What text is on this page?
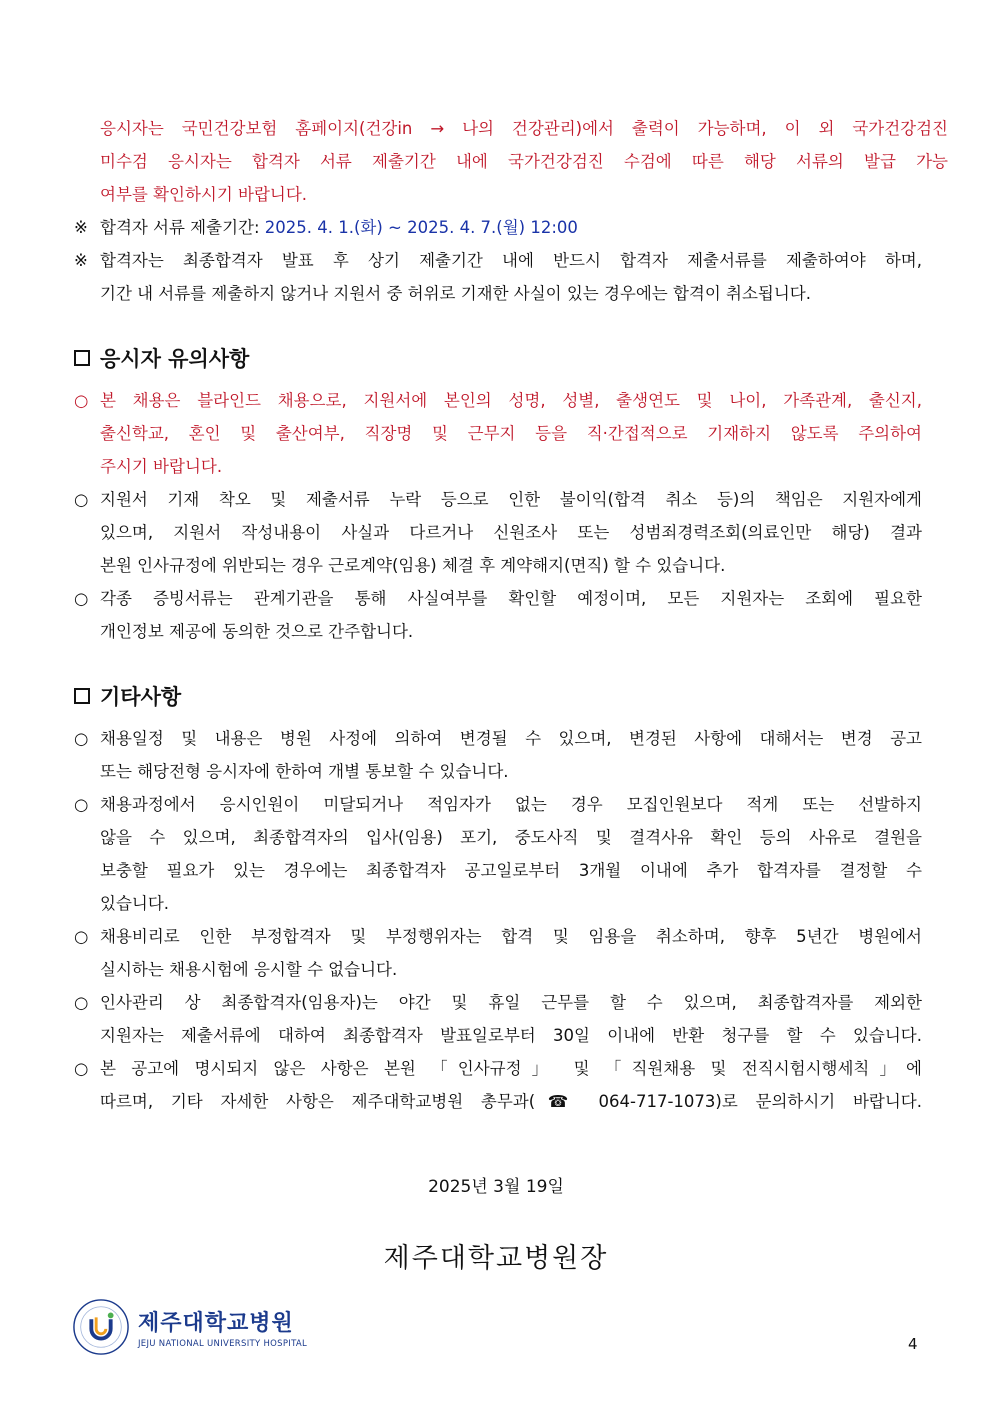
응시자는 국민건강보험 홈페이지(건강in → 나의 건강관리)에서 출력이 가능하며, 이 외 국가건강검진
미수검 응시자는 합격자 서류 제출기간 내에 국가건강검진 수검에 따른 해당 서류의 발급 가능
여부를 확인하시기 바랍니다.
※ 합격자 서류 제출기간: 2025. 4. 1.(화) ~ 2025. 4. 7.(월) 12:00
※ 합격자는 최종합격자 발표 후 상기 제출기간 내에 반드시 합격자 제출서류를 제출하여야 하며,
기간 내 서류를 제출하지 않거나 지원서 중 허위로 기재한 사실이 있는 경우에는 합격이 취소됩니다.
응시자 유의사항
○ 본 채용은 블라인드 채용으로, 지원서에 본인의 성명, 성별, 출생연도 및 나이, 가족관계, 출신지,
출신학교, 혼인 및 출산여부, 직장명 및 근무지 등을 직·간접적으로 기재하지 않도록 주의하여
주시기 바랍니다.
○ 지원서 기재 착오 및 제출서류 누락 등으로 인한 불이익(합격 취소 등)의 책임은 지원자에게
있으며, 지원서 작성내용이 사실과 다르거나 신원조사 또는 성범죄경력조회(의료인만 해당) 결과
본원 인사규정에 위반되는 경우 근로계약(임용) 체결 후 계약해지(면직) 할 수 있습니다.
○ 각종 증빙서류는 관계기관을 통해 사실여부를 확인할 예정이며, 모든 지원자는 조회에 필요한
개인정보 제공에 동의한 것으로 간주합니다.
기타사항
○ 채용일정 및 내용은 병원 사정에 의하여 변경될 수 있으며, 변경된 사항에 대해서는 변경 공고
또는 해당전형 응시자에 한하여 개별 통보할 수 있습니다.
○ 채용과정에서 응시인원이 미달되거나 적임자가 없는 경우 모집인원보다 적게 또는 선발하지
않을 수 있으며, 최종합격자의 입사(임용) 포기, 중도사직 및 결격사유 확인 등의 사유로 결원을
보충할 필요가 있는 경우에는 최종합격자 공고일로부터 3개월 이내에 추가 합격자를 결정할 수
있습니다.
○ 채용비리로 인한 부정합격자 및 부정행위자는 합격 및 임용을 취소하며, 향후 5년간 병원에서
실시하는 채용시험에 응시할 수 없습니다.
○ 인사관리 상 최종합격자(임용자)는 야간 및 휴일 근무를 할 수 있으며, 최종합격자를 제외한
지원자는 제출서류에 대하여 최종합격자 발표일로부터 30일 이내에 반환 청구를 할 수 있습니다.
○ 본 공고에 명시되지 않은 사항은 본원 「인사규정」 및 「직원채용 및 전직시험시행세칙」에
따르며, 기타 자세한 사항은 제주대학교병원 총무과(☎ 064-717-1073)로 문의하시기 바랍니다.
2025년 3월 19일
제주대학교병원장
제주대학교병원
JEJU NATIONAL UNIVERSITY HOSPITAL	4
